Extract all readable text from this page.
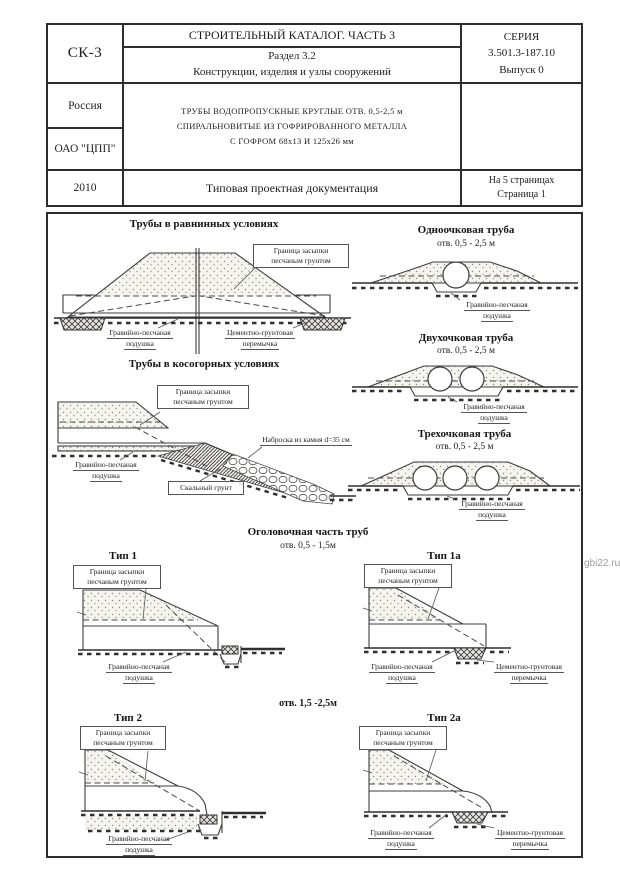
СК-3
СТРОИТЕЛЬНЫЙ КАТАЛОГ. ЧАСТЬ 3
Раздел 3.2
Конструкции, изделия и узлы сооружений
СЕРИЯ
3.501.3-187.10
Выпуск 0
Россия
ОАО "ЦПП"
ТРУБЫ ВОДОПРОПУСКНЫЕ КРУГЛЫЕ ОТВ. 0,5-2,5 м
СПИРАЛЬНОВИТЫЕ ИЗ ГОФРИРОВАННОГО МЕТАЛЛА
С ГОФРОМ 68х13 И 125х26 мм
2010	Типовая проектная документация	На 5 страницах
Страница 1
gbi22.ru
Трубы в равнинных условиях
Граница засыпки
песчаным грунтом
Гравийно-песчаная
подушка
Цементно-грунтовая
перемычка
Одноочковая труба
отв. 0,5 - 2,5 м
Гравийно-песчаная
подушка
Двухочковая труба
отв. 0,5 - 2,5 м
Гравийно-песчаная
подушка
Трехочковая труба
отв. 0,5 - 2,5 м
Гравийно-песчаная
подушка
Трубы в косогорных условиях
Граница засыпки
песчаным грунтом
Наброска из камня d=35 см
Гравийно-песчаная
подушка
Скальный грунт
Оголовочная часть труб
отв. 0,5 - 1,5м
Тип 1
Граница засыпки
песчаным грунтом
Гравийно-песчаная
подушка
Тип 1а
Граница засыпки
песчаным грунтом
Гравийно-песчаная
подушка
Цементно-грунтовая
перемычка
отв. 1,5 -2,5м
Тип 2
Граница засыпки
песчаным грунтом
Гравийно-песчаная
подушка
Тип 2а
Граница засыпки
песчаным грунтом
Гравийно-песчаная
подушка
Цементно-грунтовая
перемычка
